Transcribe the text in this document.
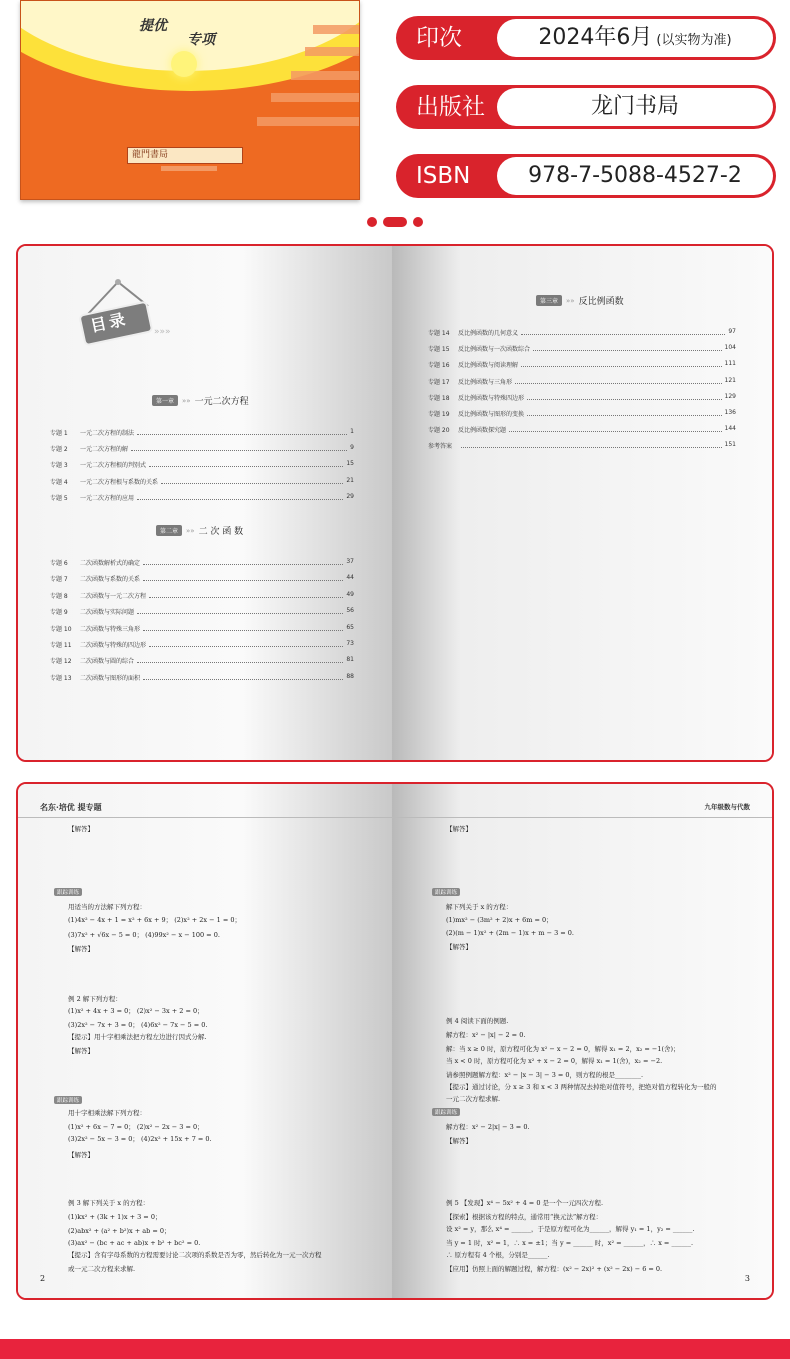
提优
专项
龍門書局
印次	2024年6月 (以实物为准)
出版社	龙门书局
ISBN	978-7-5088-4527-2
»»»
目录
第一章	»» 一元二次方程
专题 1	一元二次方程的制法	1
专题 2	一元二次方程的解	9
专题 3	一元二次方程根的判别式	15
专题 4	一元二次方程根与系数的关系	21
专题 5	一元二次方程的应用	29
第二章	»» 二 次 函 数
专题 6	二次函数解析式的确定	37
专题 7	二次函数与系数的关系	44
专题 8	二次函数与一元二次方程	49
专题 9	二次函数与实际问题	56
专题 10	二次函数与特殊三角形	65
专题 11	二次函数与特殊的四边形	73
专题 12	二次函数与圆的综合	81
专题 13	二次函数与图形的面积	88
第三章	»» 反比例函数
专题 14	反比例函数的几何意义	97
专题 15	反比例函数与一次函数综合	104
专题 16	反比例函数与阅读理解	111
专题 17	反比例函数与三角形	121
专题 18	反比例函数与特殊四边形	129
专题 19	反比例函数与图形的变换	136
专题 20	反比例函数探究题	144
参考答案	151
名东·培优 提专题
【解答】
用适当的方法解下列方程：
(1)4x² − 4x + 1 = x² + 6x + 9； (2)x² + 2x − 1 = 0；
(3)7x² + √6x − 5 = 0； (4)99x² − x − 100 = 0.
【解答】
例 2 解下列方程：
(1)x² + 4x + 3 = 0； (2)x² − 3x + 2 = 0；
(3)2x² − 7x + 3 = 0； (4)6x² − 7x − 5 = 0.
【提示】用十字相乘法把方程左边进行因式分解.
【解答】
用十字相乘法解下列方程：
(1)x² + 6x − 7 = 0； (2)x² − 2x − 3 = 0；
(3)2x² − 5x − 3 = 0； (4)2x² + 15x + 7 = 0.
【解答】
例 3 解下列关于 x 的方程：
(1)kx² + (3k + 1)x + 3 = 0；
(2)abx² + (a² + b²)x + ab = 0；
(3)ax² − (bc + ac + ab)x + b² + bc² = 0.
【提示】含有字母系数的方程需要讨论二次项的系数是否为零，然后转化为一元一次方程
或一元二次方程来求解.
跟踪训练
跟踪训练
2
九年级数与代数
【解答】
解下列关于 x 的方程：
(1)mx² − (3m² + 2)x + 6m = 0；
(2)(m − 1)x² + (2m − 1)x + m − 3 = 0.
【解答】
例 4 阅读下面的例题.
解方程：x² − |x| − 2 = 0.
解：当 x ≥ 0 时，原方程可化为 x² − x − 2 = 0，解得 x₁ = 2，x₂ = −1(舍)；
当 x < 0 时，原方程可化为 x² + x − 2 = 0，解得 x₁ = 1(舍)，x₂ = −2.
请参照例题解方程：x² − |x − 3| − 3 = 0，则方程的根是________.
【提示】通过讨论，分 x ≥ 3 和 x < 3 两种情况去掉绝对值符号，把绝对值方程转化为一般的
一元二次方程求解.
解方程：x² − 2|x| − 3 = 0.
【解答】
例 5 【发现】x⁴ − 5x² + 4 = 0 是一个一元四次方程.
【探索】根据该方程的特点，通常用“换元法”解方程：
设 x² = y，那么 x⁴ = ______，于是原方程可化为______，解得 y₁ = 1，y₂ = ______.
当 y = 1 时，x² = 1，∴ x = ±1；当 y = ______ 时，x² = ______，∴ x = ______.
∴ 原方程有 4 个根，分别是______.
【应用】仿照上面的解题过程，解方程：(x² − 2x)² + (x² − 2x) − 6 = 0.
跟踪训练
跟踪训练
3
